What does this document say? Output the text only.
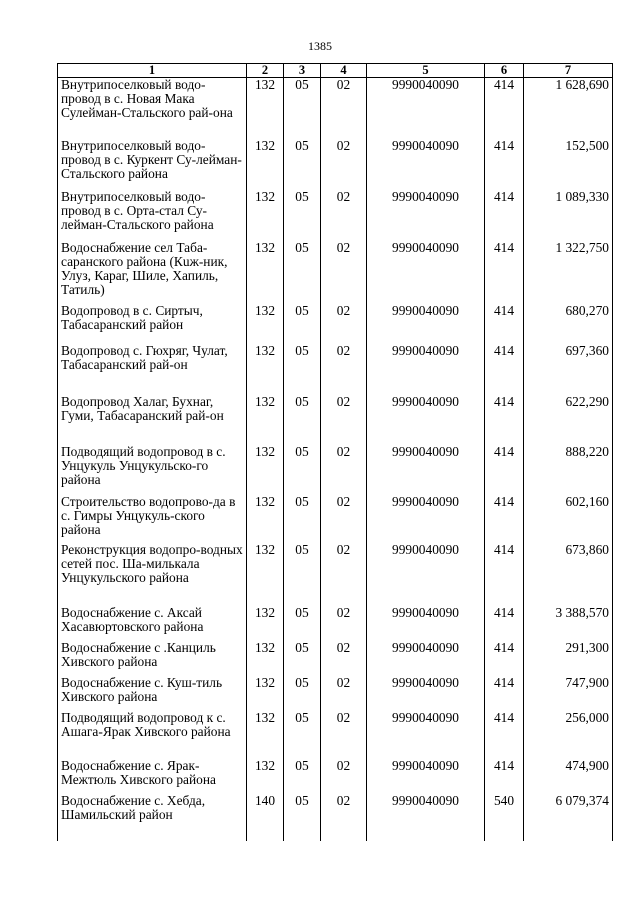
1385
1	2	3	4	5	6	7
Внутрипоселковый водо-провод в с. Новая Мака Сулейман-Стальского рай-она	132	05	02	9990040090	414	1 628,690
Внутрипоселковый водо-провод в с. Куркент Су-лейман-Стальского района	132	05	02	9990040090	414	152,500
Внутрипоселковый водо-провод в с. Орта-стал Су-лейман-Стальского района	132	05	02	9990040090	414	1 089,330
Водоснабжение сел Таба-саранского района (Кuж-ник, Улуз, Караг, Шиле, Хапиль, Татиль)	132	05	02	9990040090	414	1 322,750
Водопровод в с. Сиртыч, Табасаранский район	132	05	02	9990040090	414	680,270
Водопровод с. Гюхряг, Чулат, Табасаранский рай-он	132	05	02	9990040090	414	697,360
Водопровод Халаг, Бухнаг, Гуми, Табасаранский рай-он	132	05	02	9990040090	414	622,290
Подводящий водопровод в с. Унцукуль Унцукульско-го района	132	05	02	9990040090	414	888,220
Строительство водопрово-да в с. Гимры Унцукуль-ского района	132	05	02	9990040090	414	602,160
Реконструкция водопро-водных сетей пос. Ша-милькала Унцукульского района	132	05	02	9990040090	414	673,860
Водоснабжение с. Аксай Хасавюртовского района	132	05	02	9990040090	414	3 388,570
Водоснабжение с .Канциль Хивского района	132	05	02	9990040090	414	291,300
Водоснабжение с. Куш-тиль Хивского района	132	05	02	9990040090	414	747,900
Подводящий водопровод к с. Ашага-Ярак Хивского района	132	05	02	9990040090	414	256,000
Водоснабжение с. Ярак-Межтюль Хивского района	132	05	02	9990040090	414	474,900
Водоснабжение с. Хебда, Шамильский район	140	05	02	9990040090	540	6 079,374
